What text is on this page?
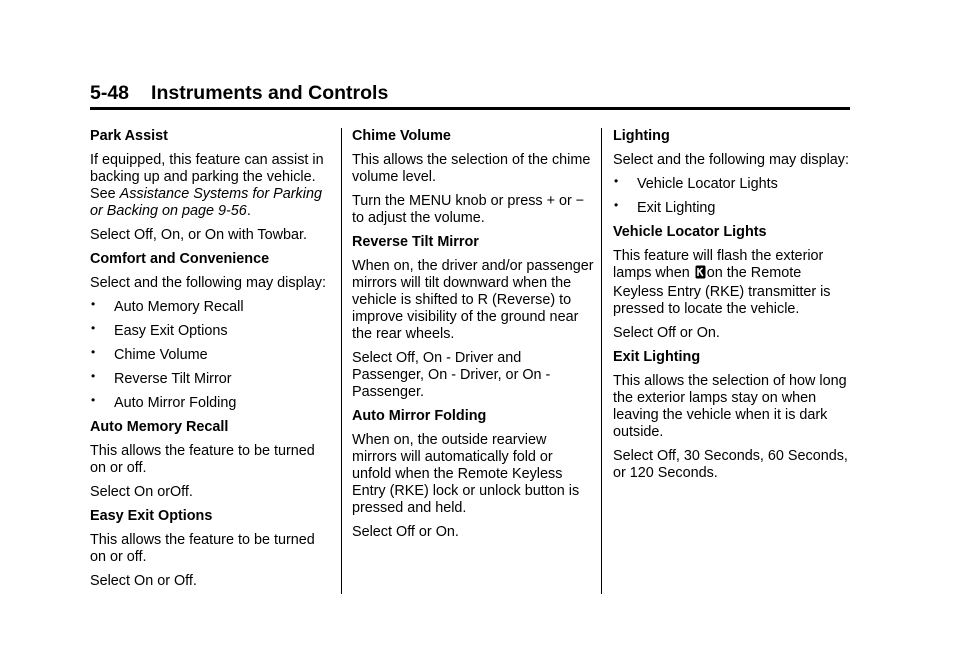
5-48 Instruments and Controls
Park Assist
If equipped, this feature can assist in backing up and parking the vehicle. See Assistance Systems for Parking or Backing on page 9-56.
Select Off, On, or On with Towbar.
Comfort and Convenience
Select and the following may display:
• Auto Memory Recall
• Easy Exit Options
• Chime Volume
• Reverse Tilt Mirror
• Auto Mirror Folding
Auto Memory Recall
This allows the feature to be turned on or off.
Select On orOff.
Easy Exit Options
This allows the feature to be turned on or off.
Select On or Off.
Chime Volume
This allows the selection of the chime volume level.
Turn the MENU knob or press + or − to adjust the volume.
Reverse Tilt Mirror
When on, the driver and/or passenger mirrors will tilt downward when the vehicle is shifted to R (Reverse) to improve visibility of the ground near the rear wheels.
Select Off, On - Driver and Passenger, On - Driver, or On - Passenger.
Auto Mirror Folding
When on, the outside rearview mirrors will automatically fold or unfold when the Remote Keyless Entry (RKE) lock or unlock button is pressed and held.
Select Off or On.
Lighting
Select and the following may display:
• Vehicle Locator Lights
• Exit Lighting
Vehicle Locator Lights
This feature will flash the exterior lamps when on the Remote Keyless Entry (RKE) transmitter is pressed to locate the vehicle.
Select Off or On.
Exit Lighting
This allows the selection of how long the exterior lamps stay on when leaving the vehicle when it is dark outside.
Select Off, 30 Seconds, 60 Seconds, or 120 Seconds.
